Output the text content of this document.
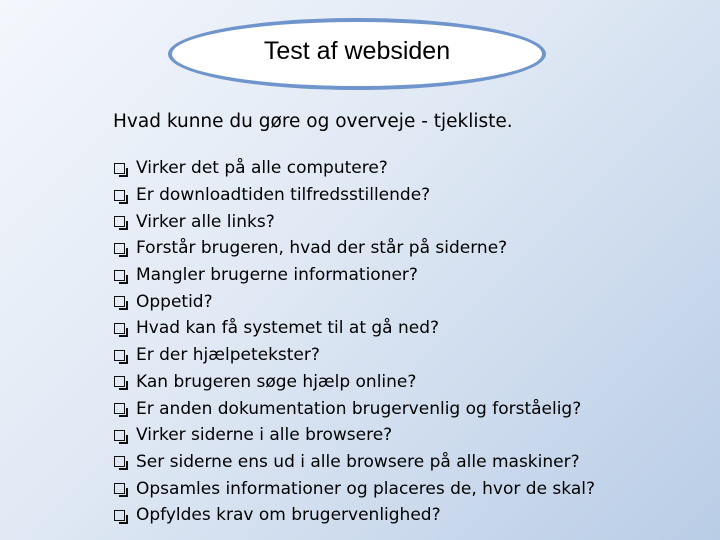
Test af websiden
Hvad kunne du gøre og overveje - tjekliste.
Virker det på alle computere?
Er downloadtiden tilfredsstillende?
Virker alle links?
Forstår brugeren, hvad der står på siderne?
Mangler brugerne informationer?
Oppetid?
Hvad kan få systemet til at gå ned?
Er der hjælpetekster?
Kan brugeren søge hjælp online?
Er anden dokumentation brugervenlig og forståelig?
Virker siderne i alle browsere?
Ser siderne ens ud i alle browsere på alle maskiner?
Opsamles informationer og placeres de, hvor de skal?
Opfyldes krav om brugervenlighed?
